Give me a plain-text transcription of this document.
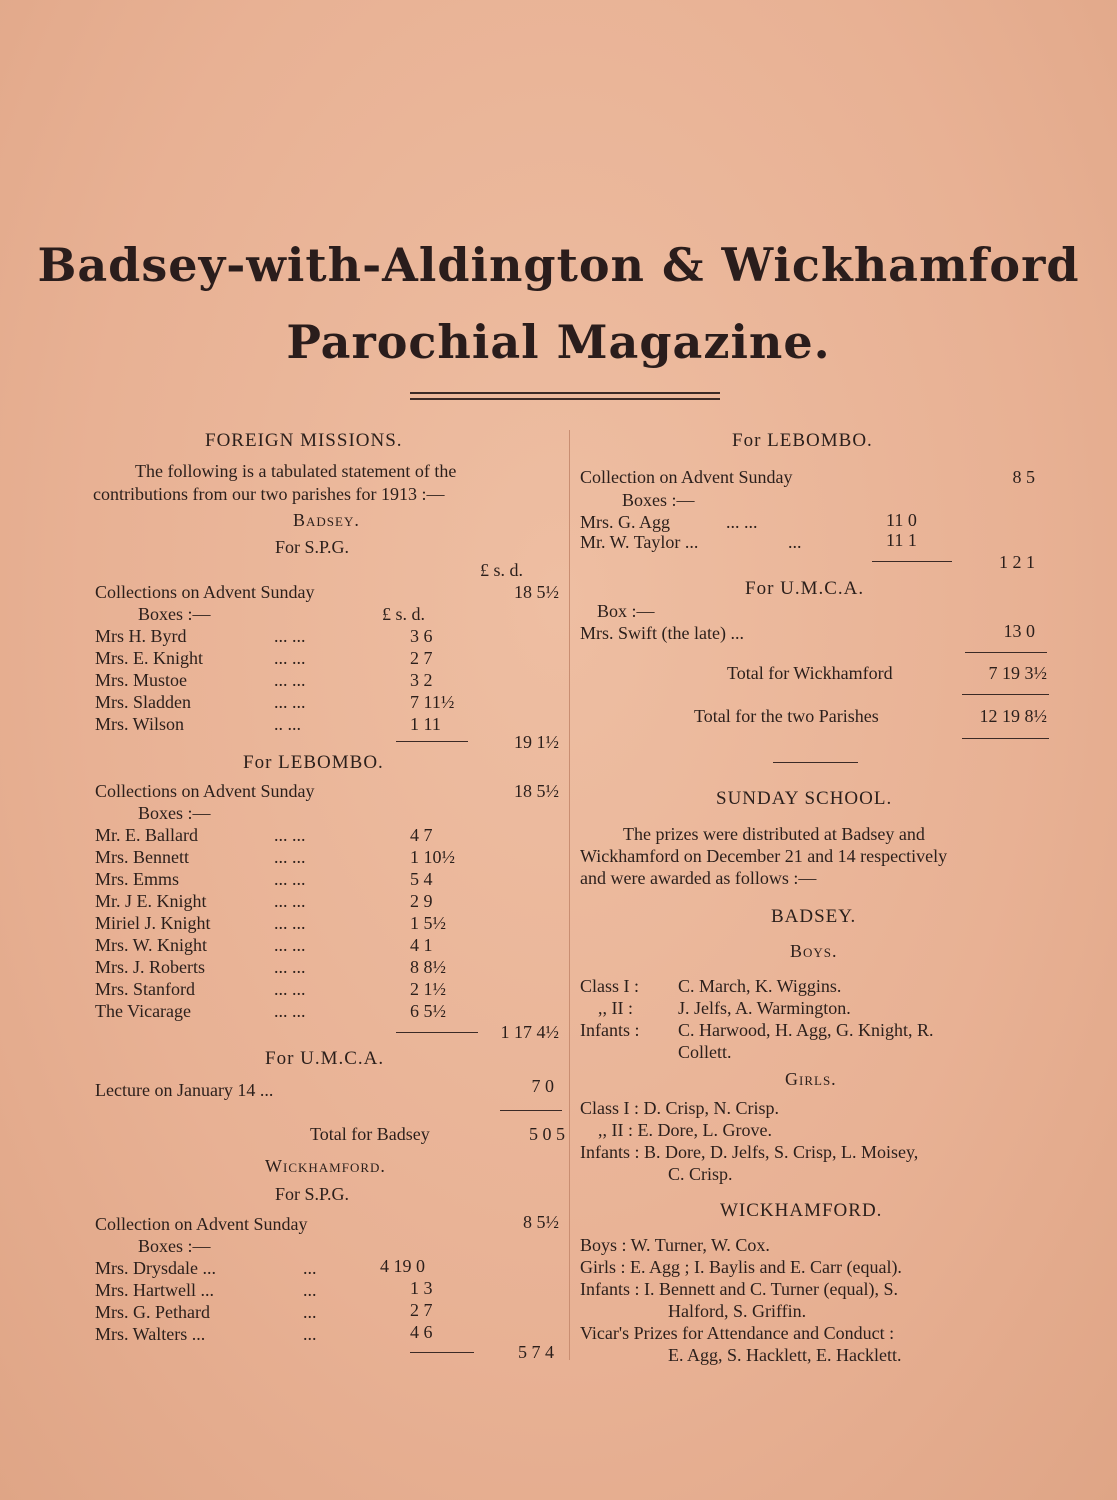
Badsey-with-Aldington & Wickhamford
Parochial Magazine.
FOREIGN MISSIONS.
The following is a tabulated statement of the
contributions from our two parishes for 1913 :—
Badsey.
For S.P.G.
£ s. d.
Collections on Advent Sunday	18 5½
Boxes :—	£ s. d.
Mrs H. Byrd	... ...	3 6
Mrs. E. Knight	... ...	2 7
Mrs. Mustoe	... ...	3 2
Mrs. Sladden	... ...	7 11½
Mrs. Wilson	.. ...	1 11
19 1½
For LEBOMBO.
Collections on Advent Sunday	18 5½
Boxes :—
Mr. E. Ballard	... ...	4 7
Mrs. Bennett	... ...	1 10½
Mrs. Emms	... ...	5 4
Mr. J E. Knight	... ...	2 9
Miriel J. Knight	... ...	1 5½
Mrs. W. Knight	... ...	4 1
Mrs. J. Roberts	... ...	8 8½
Mrs. Stanford	... ...	2 1½
The Vicarage	... ...	6 5½
1 17 4½
For U.M.C.A.
Lecture on January 14 ...	7 0
Total for Badsey	5 0 5
Wickhamford.
For S.P.G.
Collection on Advent Sunday	8 5½
Boxes :—
Mrs. Drysdale ...	...	4 19 0
Mrs. Hartwell ...	...	1 3
Mrs. G. Pethard	...	2 7
Mrs. Walters ...	...	4 6
5 7 4
For LEBOMBO.
Collection on Advent Sunday	8 5
Boxes :—
Mrs. G. Agg	... ...	11 0
Mr. W. Taylor ...	...	11 1
1 2 1
For U.M.C.A.
Box :—
Mrs. Swift (the late) ...	13 0
Total for Wickhamford	7 19 3½
Total for the two Parishes	12 19 8½
SUNDAY SCHOOL.
The prizes were distributed at Badsey and
Wickhamford on December 21 and 14 respectively
and were awarded as follows :—
BADSEY.
Boys.
Class I : C. March, K. Wiggins.
,, II :	J. Jelfs, A. Warmington.
Infants : C. Harwood, H. Agg, G. Knight, R.
Collett.
Girls.
Class I : D. Crisp, N. Crisp.
,, II : E. Dore, L. Grove.
Infants : B. Dore, D. Jelfs, S. Crisp, L. Moisey,
C. Crisp.
WICKHAMFORD.
Boys : W. Turner, W. Cox.
Girls : E. Agg ; I. Baylis and E. Carr (equal).
Infants : I. Bennett and C. Turner (equal), S.
Halford, S. Griffin.
Vicar's Prizes for Attendance and Conduct :
E. Agg, S. Hacklett, E. Hacklett.
